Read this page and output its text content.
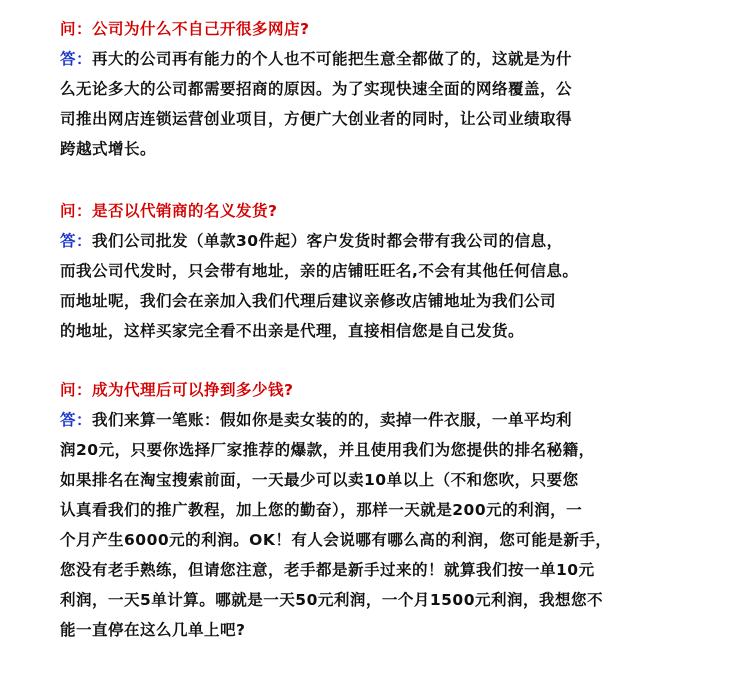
问：公司为什么不自己开很多网店?
答：再大的公司再有能力的个人也不可能把生意全都做了的，这就是为什
么无论多大的公司都需要招商的原因。为了实现快速全面的网络覆盖，公
司推出网店连锁运营创业项目，方便广大创业者的同时，让公司业绩取得
跨越式增长。
问：是否以代销商的名义发货?
答：我们公司批发（单款30件起）客户发货时都会带有我公司的信息，
而我公司代发时，只会带有地址，亲的店铺旺旺名,不会有其他任何信息。
而地址呢，我们会在亲加入我们代理后建议亲修改店铺地址为我们公司
的地址，这样买家完全看不出亲是代理，直接相信您是自己发货。
问：成为代理后可以挣到多少钱?
答：我们来算一笔账：假如你是卖女装的的，卖掉一件衣服，一单平均利
润20元，只要你选择厂家推荐的爆款，并且使用我们为您提供的排名秘籍，
如果排名在淘宝搜索前面，一天最少可以卖10单以上（不和您吹，只要您
认真看我们的推广教程，加上您的勤奋），那样一天就是200元的利润，一
个月产生6000元的利润。OK！有人会说哪有哪么高的利润，您可能是新手，
您没有老手熟练，但请您注意，老手都是新手过来的！就算我们按一单10元
利润，一天5单计算。哪就是一天50元利润，一个月1500元利润，我想您不
能一直停在这么几单上吧?
